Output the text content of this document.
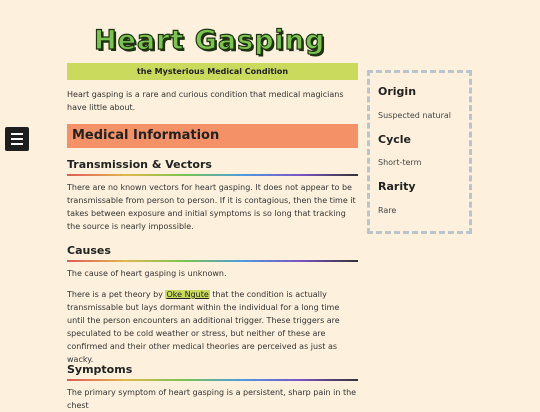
Heart Gasping
the Mysterious Medical Condition

Heart gasping is a rare and curious condition that medical magicians have little about.

Medical Information
Transmission & Vectors

There are no known vectors for heart gasping. It does not appear to be transmissable from person to person. If it is contagious, then the time it takes between exposure and initial symptoms is so long that tracking the source is nearly impossible.

Causes

The cause of heart gasping is unknown.

There is a pet theory by Oke Ngute that the condition is actually transmissable but lays dormant within the individual for a long time until the person encounters an additional trigger. These triggers are speculated to be cold weather or stress, but neither of these are confirmed and their other medical theories are perceived as just as wacky.

Symptoms

The primary symptom of heart gasping is a persistent, sharp pain in the chest

Origin
Suspected natural
Cycle
Short-term
Rarity
Rare
